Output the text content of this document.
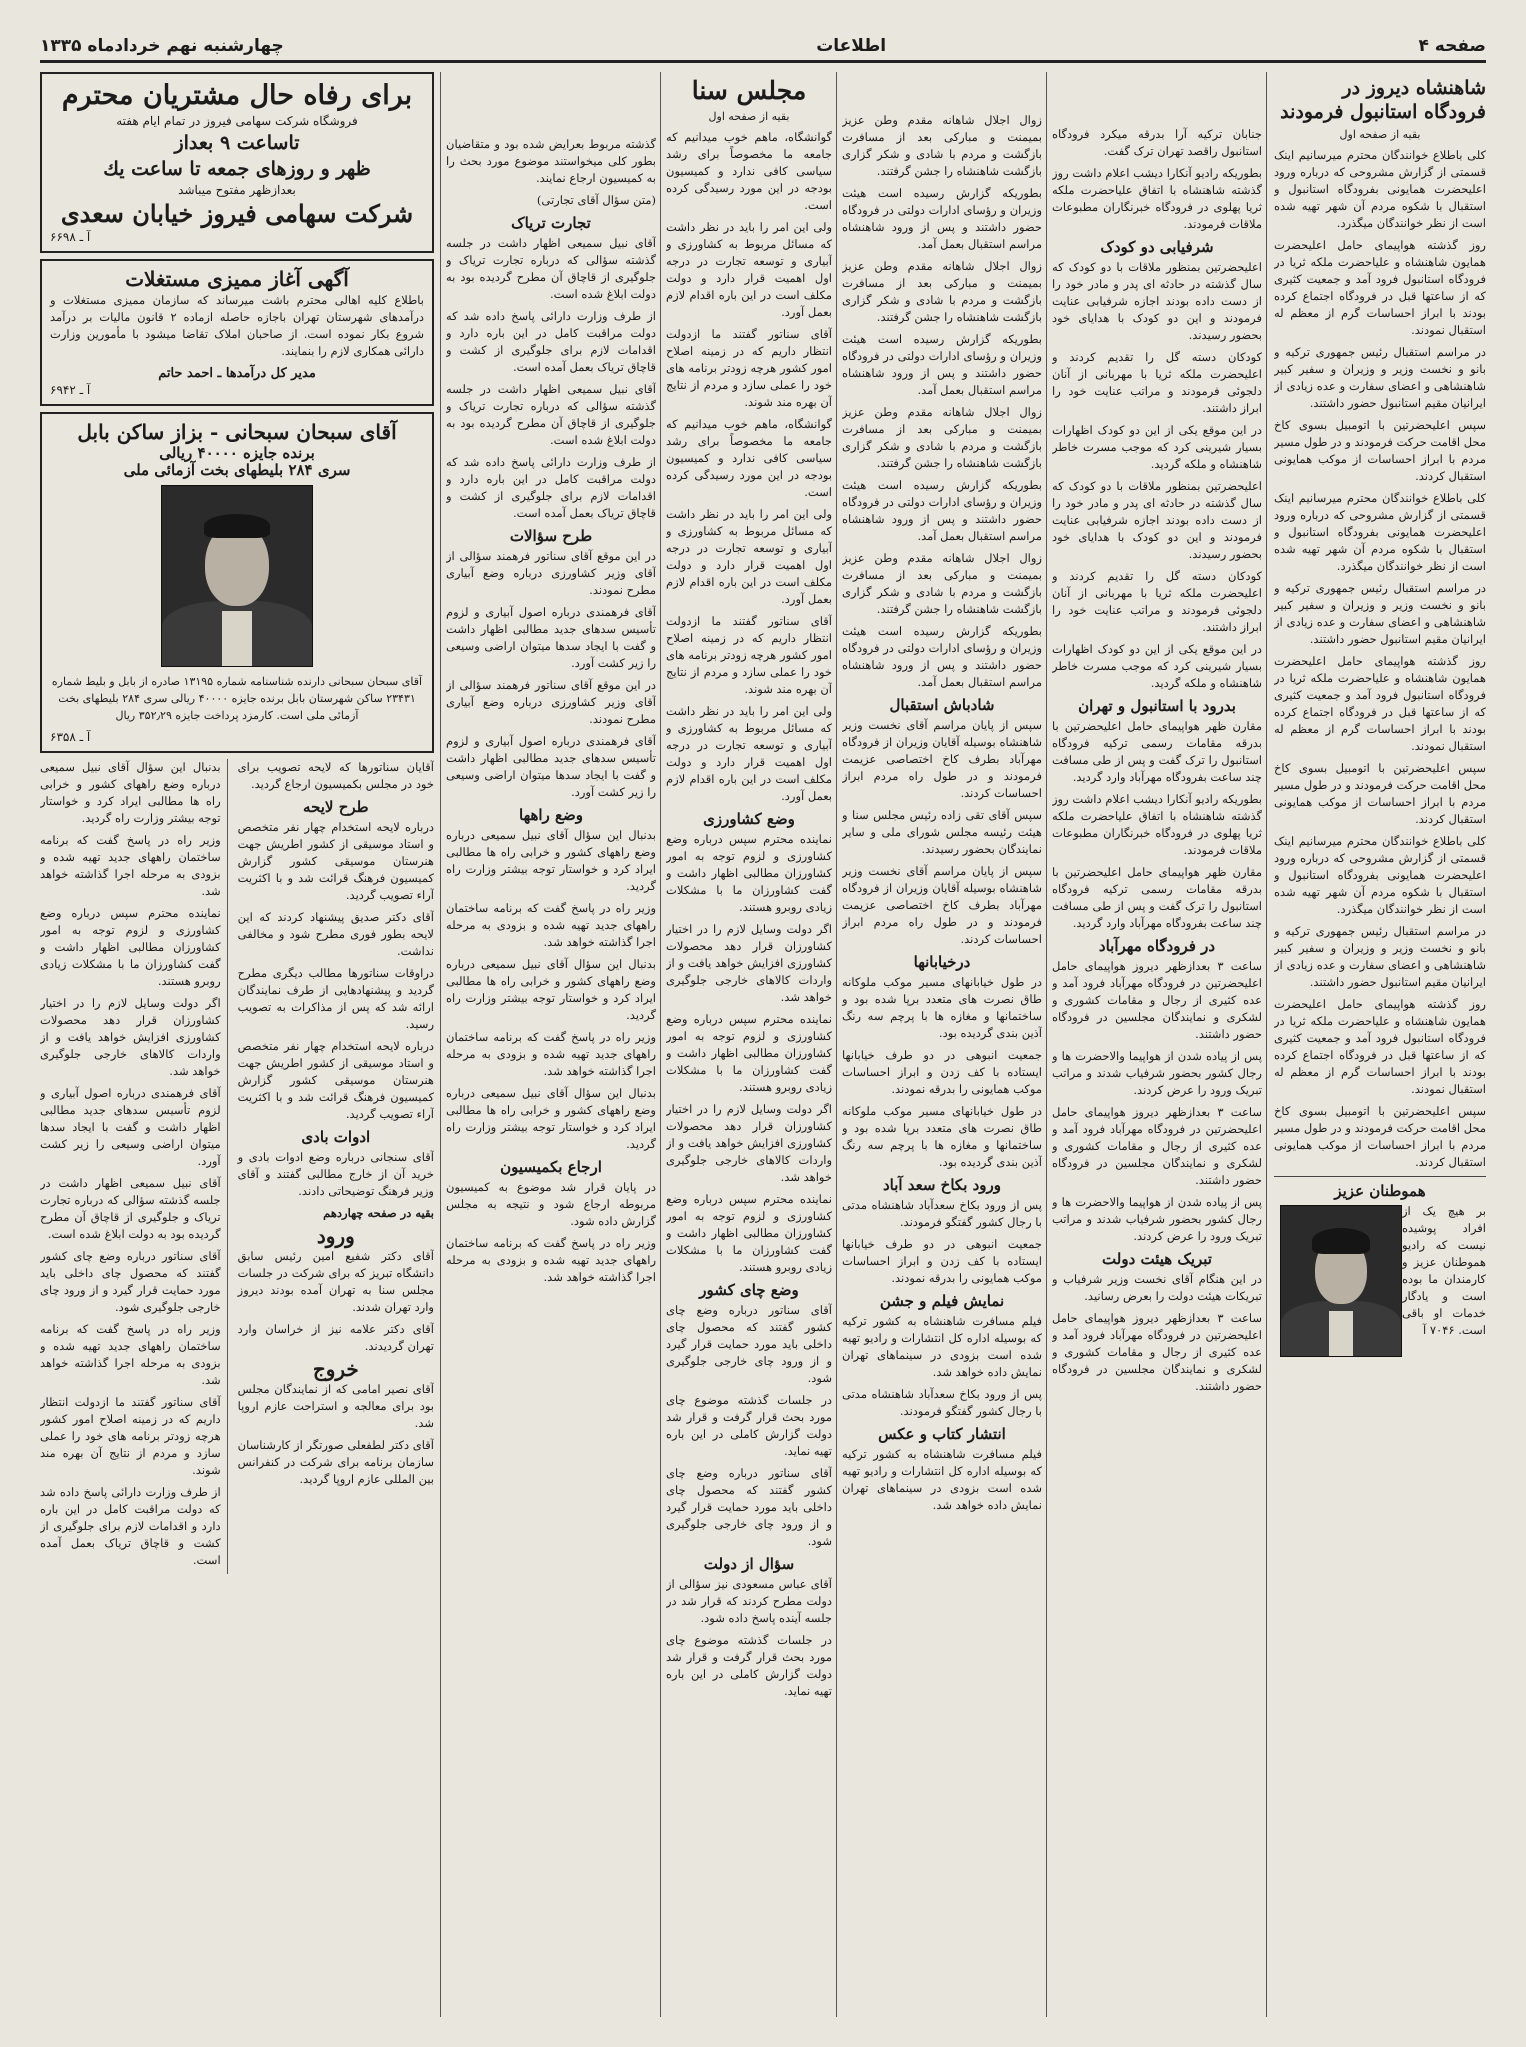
صفحه ۴
اطلاعات
چهارشنبه نهم خردادماه ۱۳۳۵
شاهنشاه دیروز در فرودگاه استانبول فرمودند
بقیه از صفحه اول

کلی باطلاع خوانندگان محترم میرسانیم اینک قسمتی از گزارش مشروحی که درباره ورود اعلیحضرت همایونی بفرودگاه استانبول و استقبال با شکوه مردم آن شهر تهیه شده است از نظر خوانندگان میگذرد.

روز گذشته هواپیمای حامل اعلیحضرت همایون شاهنشاه و علیاحضرت ملکه ثریا در فرودگاه استانبول فرود آمد و جمعیت کثیری که از ساعتها قبل در فرودگاه اجتماع کرده بودند با ابراز احساسات گرم از معظم له استقبال نمودند.

در مراسم استقبال رئیس جمهوری ترکیه و بانو و نخست وزیر و وزیران و سفیر کبیر شاهنشاهی و اعضای سفارت و عده زیادی از ایرانیان مقیم استانبول حضور داشتند.

سپس اعلیحضرتین با اتومبیل بسوی کاخ محل اقامت حرکت فرمودند و در طول مسیر مردم با ابراز احساسات از موکب همایونی استقبال کردند.

کلی باطلاع خوانندگان محترم میرسانیم اینک قسمتی از گزارش مشروحی که درباره ورود اعلیحضرت همایونی بفرودگاه استانبول و استقبال با شکوه مردم آن شهر تهیه شده است از نظر خوانندگان میگذرد.

در مراسم استقبال رئیس جمهوری ترکیه و بانو و نخست وزیر و وزیران و سفیر کبیر شاهنشاهی و اعضای سفارت و عده زیادی از ایرانیان مقیم استانبول حضور داشتند.

روز گذشته هواپیمای حامل اعلیحضرت همایون شاهنشاه و علیاحضرت ملکه ثریا در فرودگاه استانبول فرود آمد و جمعیت کثیری که از ساعتها قبل در فرودگاه اجتماع کرده بودند با ابراز احساسات گرم از معظم له استقبال نمودند.

سپس اعلیحضرتین با اتومبیل بسوی کاخ محل اقامت حرکت فرمودند و در طول مسیر مردم با ابراز احساسات از موکب همایونی استقبال کردند.

کلی باطلاع خوانندگان محترم میرسانیم اینک قسمتی از گزارش مشروحی که درباره ورود اعلیحضرت همایونی بفرودگاه استانبول و استقبال با شکوه مردم آن شهر تهیه شده است از نظر خوانندگان میگذرد.

در مراسم استقبال رئیس جمهوری ترکیه و بانو و نخست وزیر و وزیران و سفیر کبیر شاهنشاهی و اعضای سفارت و عده زیادی از ایرانیان مقیم استانبول حضور داشتند.

روز گذشته هواپیمای حامل اعلیحضرت همایون شاهنشاه و علیاحضرت ملکه ثریا در فرودگاه استانبول فرود آمد و جمعیت کثیری که از ساعتها قبل در فرودگاه اجتماع کرده بودند با ابراز احساسات گرم از معظم له استقبال نمودند.

سپس اعلیحضرتین با اتومبیل بسوی کاخ محل اقامت حرکت فرمودند و در طول مسیر مردم با ابراز احساسات از موکب همایونی استقبال کردند.

هموطنان عزیز

بر هیچ یک از افراد پوشیده نیست که رادیو هموطنان عزیز و کارمندان ما بوده است و یادگار خدمات او باقی است. ۷۰۴۶ آ

جنابان ترکیه آرا بدرقه میکرد فرودگاه استانبول راقصد تهران ترک گفت.

بطوریکه رادیو آنکارا دیشب اعلام داشت روز گذشته شاهنشاه با اتفاق علیاحضرت ملکه ثریا پهلوی در فرودگاه خبرنگاران مطبوعات ملاقات فرمودند.

شرفیابی دو کودک

اعلیحضرتین بمنظور ملاقات با دو کودک که سال گذشته در حادثه ای پدر و مادر خود را از دست داده بودند اجازه شرفیابی عنایت فرمودند و این دو کودک با هدایای خود بحضور رسیدند.

کودکان دسته گل را تقدیم کردند و اعلیحضرت ملکه ثریا با مهربانی از آنان دلجوئی فرمودند و مراتب عنایت خود را ابراز داشتند.

در این موقع یکی از این دو کودک اظهارات بسیار شیرینی کرد که موجب مسرت خاطر شاهنشاه و ملکه گردید.

اعلیحضرتین بمنظور ملاقات با دو کودک که سال گذشته در حادثه ای پدر و مادر خود را از دست داده بودند اجازه شرفیابی عنایت فرمودند و این دو کودک با هدایای خود بحضور رسیدند.

کودکان دسته گل را تقدیم کردند و اعلیحضرت ملکه ثریا با مهربانی از آنان دلجوئی فرمودند و مراتب عنایت خود را ابراز داشتند.

در این موقع یکی از این دو کودک اظهارات بسیار شیرینی کرد که موجب مسرت خاطر شاهنشاه و ملکه گردید.

بدرود با استانبول و تهران

مقارن ظهر هواپیمای حامل اعلیحضرتین با بدرقه مقامات رسمی ترکیه فرودگاه استانبول را ترک گفت و پس از طی مسافت چند ساعت بفرودگاه مهرآباد وارد گردید.

بطوریکه رادیو آنکارا دیشب اعلام داشت روز گذشته شاهنشاه با اتفاق علیاحضرت ملکه ثریا پهلوی در فرودگاه خبرنگاران مطبوعات ملاقات فرمودند.

مقارن ظهر هواپیمای حامل اعلیحضرتین با بدرقه مقامات رسمی ترکیه فرودگاه استانبول را ترک گفت و پس از طی مسافت چند ساعت بفرودگاه مهرآباد وارد گردید.

در فرودگاه مهرآباد

ساعت ۳ بعدازظهر دیروز هواپیمای حامل اعلیحضرتین در فرودگاه مهرآباد فرود آمد و عده کثیری از رجال و مقامات کشوری و لشکری و نمایندگان مجلسین در فرودگاه حضور داشتند.

پس از پیاده شدن از هواپیما والاحضرت ها و رجال کشور بحضور شرفیاب شدند و مراتب تبریک ورود را عرض کردند.

ساعت ۳ بعدازظهر دیروز هواپیمای حامل اعلیحضرتین در فرودگاه مهرآباد فرود آمد و عده کثیری از رجال و مقامات کشوری و لشکری و نمایندگان مجلسین در فرودگاه حضور داشتند.

پس از پیاده شدن از هواپیما والاحضرت ها و رجال کشور بحضور شرفیاب شدند و مراتب تبریک ورود را عرض کردند.

تبریک هیئت دولت

در این هنگام آقای نخست وزیر شرفیاب و تبریکات هیئت دولت را بعرض رسانید.

ساعت ۳ بعدازظهر دیروز هواپیمای حامل اعلیحضرتین در فرودگاه مهرآباد فرود آمد و عده کثیری از رجال و مقامات کشوری و لشکری و نمایندگان مجلسین در فرودگاه حضور داشتند.

زوال اجلال شاهانه مقدم وطن عزیز بمیمنت و مبارکی بعد از مسافرت بازگشت و مردم با شادی و شکر گزاری بازگشت شاهنشاه را جشن گرفتند.

بطوریکه گزارش رسیده است هیئت وزیران و رؤسای ادارات دولتی در فرودگاه حضور داشتند و پس از ورود شاهنشاه مراسم استقبال بعمل آمد.

زوال اجلال شاهانه مقدم وطن عزیز بمیمنت و مبارکی بعد از مسافرت بازگشت و مردم با شادی و شکر گزاری بازگشت شاهنشاه را جشن گرفتند.

بطوریکه گزارش رسیده است هیئت وزیران و رؤسای ادارات دولتی در فرودگاه حضور داشتند و پس از ورود شاهنشاه مراسم استقبال بعمل آمد.

زوال اجلال شاهانه مقدم وطن عزیز بمیمنت و مبارکی بعد از مسافرت بازگشت و مردم با شادی و شکر گزاری بازگشت شاهنشاه را جشن گرفتند.

بطوریکه گزارش رسیده است هیئت وزیران و رؤسای ادارات دولتی در فرودگاه حضور داشتند و پس از ورود شاهنشاه مراسم استقبال بعمل آمد.

زوال اجلال شاهانه مقدم وطن عزیز بمیمنت و مبارکی بعد از مسافرت بازگشت و مردم با شادی و شکر گزاری بازگشت شاهنشاه را جشن گرفتند.

بطوریکه گزارش رسیده است هیئت وزیران و رؤسای ادارات دولتی در فرودگاه حضور داشتند و پس از ورود شاهنشاه مراسم استقبال بعمل آمد.

شادباش استقبال

سپس از پایان مراسم آقای نخست وزیر شاهنشاه بوسیله آقایان وزیران از فرودگاه مهرآباد بطرف کاخ اختصاصی عزیمت فرمودند و در طول راه مردم ابراز احساسات کردند.

سپس آقای تقی زاده رئیس مجلس سنا و هیئت رئیسه مجلس شورای ملی و سایر نمایندگان بحضور رسیدند.

سپس از پایان مراسم آقای نخست وزیر شاهنشاه بوسیله آقایان وزیران از فرودگاه مهرآباد بطرف کاخ اختصاصی عزیمت فرمودند و در طول راه مردم ابراز احساسات کردند.

درخیابانها

در طول خیابانهای مسیر موکب ملوکانه طاق نصرت های متعدد برپا شده بود و ساختمانها و مغازه ها با پرچم سه رنگ آذین بندی گردیده بود.

جمعیت انبوهی در دو طرف خیابانها ایستاده با کف زدن و ابراز احساسات موکب همایونی را بدرقه نمودند.

در طول خیابانهای مسیر موکب ملوکانه طاق نصرت های متعدد برپا شده بود و ساختمانها و مغازه ها با پرچم سه رنگ آذین بندی گردیده بود.

ورود بکاخ سعد آباد

پس از ورود بکاخ سعدآباد شاهنشاه مدتی با رجال کشور گفتگو فرمودند.

جمعیت انبوهی در دو طرف خیابانها ایستاده با کف زدن و ابراز احساسات موکب همایونی را بدرقه نمودند.

نمایش فیلم و جشن

فیلم مسافرت شاهنشاه به کشور ترکیه که بوسیله اداره کل انتشارات و رادیو تهیه شده است بزودی در سینماهای تهران نمایش داده خواهد شد.

پس از ورود بکاخ سعدآباد شاهنشاه مدتی با رجال کشور گفتگو فرمودند.

انتشار کتاب و عکس

فیلم مسافرت شاهنشاه به کشور ترکیه که بوسیله اداره کل انتشارات و رادیو تهیه شده است بزودی در سینماهای تهران نمایش داده خواهد شد.

مجلس سنا
بقیه از صفحه اول

گوانشگاه، ماهم خوب میدانیم که جامعه ما مخصوصاً برای رشد سیاسی کافی ندارد و کمیسیون بودجه در این مورد رسیدگی کرده است.

ولی این امر را باید در نظر داشت که مسائل مربوط به کشاورزی و آبیاری و توسعه تجارت در درجه اول اهمیت قرار دارد و دولت مکلف است در این باره اقدام لازم بعمل آورد.

آقای سناتور گفتند ما ازدولت انتظار داریم که در زمینه اصلاح امور کشور هرچه زودتر برنامه های خود را عملی سازد و مردم از نتایج آن بهره مند شوند.

گوانشگاه، ماهم خوب میدانیم که جامعه ما مخصوصاً برای رشد سیاسی کافی ندارد و کمیسیون بودجه در این مورد رسیدگی کرده است.

ولی این امر را باید در نظر داشت که مسائل مربوط به کشاورزی و آبیاری و توسعه تجارت در درجه اول اهمیت قرار دارد و دولت مکلف است در این باره اقدام لازم بعمل آورد.

آقای سناتور گفتند ما ازدولت انتظار داریم که در زمینه اصلاح امور کشور هرچه زودتر برنامه های خود را عملی سازد و مردم از نتایج آن بهره مند شوند.

ولی این امر را باید در نظر داشت که مسائل مربوط به کشاورزی و آبیاری و توسعه تجارت در درجه اول اهمیت قرار دارد و دولت مکلف است در این باره اقدام لازم بعمل آورد.

وضع کشاورزی

نماینده محترم سپس درباره وضع کشاورزی و لزوم توجه به امور کشاورزان مطالبی اظهار داشت و گفت کشاورزان ما با مشکلات زیادی روبرو هستند.

اگر دولت وسایل لازم را در اختیار کشاورزان قرار دهد محصولات کشاورزی افزایش خواهد یافت و از واردات کالاهای خارجی جلوگیری خواهد شد.

نماینده محترم سپس درباره وضع کشاورزی و لزوم توجه به امور کشاورزان مطالبی اظهار داشت و گفت کشاورزان ما با مشکلات زیادی روبرو هستند.

اگر دولت وسایل لازم را در اختیار کشاورزان قرار دهد محصولات کشاورزی افزایش خواهد یافت و از واردات کالاهای خارجی جلوگیری خواهد شد.

نماینده محترم سپس درباره وضع کشاورزی و لزوم توجه به امور کشاورزان مطالبی اظهار داشت و گفت کشاورزان ما با مشکلات زیادی روبرو هستند.

وضع چای کشور

آقای سناتور درباره وضع چای کشور گفتند که محصول چای داخلی باید مورد حمایت قرار گیرد و از ورود چای خارجی جلوگیری شود.

در جلسات گذشته موضوع چای مورد بحث قرار گرفت و قرار شد دولت گزارش کاملی در این باره تهیه نماید.

آقای سناتور درباره وضع چای کشور گفتند که محصول چای داخلی باید مورد حمایت قرار گیرد و از ورود چای خارجی جلوگیری شود.

سؤال از دولت

آقای عباس مسعودی نیز سؤالی از دولت مطرح کردند که قرار شد در جلسه آینده پاسخ داده شود.

در جلسات گذشته موضوع چای مورد بحث قرار گرفت و قرار شد دولت گزارش کاملی در این باره تهیه نماید.

گذشته مربوط بعرایض شده بود و متقاضیان بطور کلی میخواستند موضوع مورد بحث را به کمیسیون ارجاع نمایند.

(متن سؤال آقای تجارتی)

تجارت تریاک

آقای نبیل سمیعی اظهار داشت در جلسه گذشته سؤالی که درباره تجارت تریاک و جلوگیری از قاچاق آن مطرح گردیده بود به دولت ابلاغ شده است.

از طرف وزارت دارائی پاسخ داده شد که دولت مراقبت کامل در این باره دارد و اقدامات لازم برای جلوگیری از کشت و قاچاق تریاک بعمل آمده است.

آقای نبیل سمیعی اظهار داشت در جلسه گذشته سؤالی که درباره تجارت تریاک و جلوگیری از قاچاق آن مطرح گردیده بود به دولت ابلاغ شده است.

از طرف وزارت دارائی پاسخ داده شد که دولت مراقبت کامل در این باره دارد و اقدامات لازم برای جلوگیری از کشت و قاچاق تریاک بعمل آمده است.

طرح سؤالات

در این موقع آقای سناتور فرهمند سؤالی از آقای وزیر کشاورزی درباره وضع آبیاری مطرح نمودند.

آقای فرهمندی درباره اصول آبیاری و لزوم تأسیس سدهای جدید مطالبی اظهار داشت و گفت با ایجاد سدها میتوان اراضی وسیعی را زیر کشت آورد.

در این موقع آقای سناتور فرهمند سؤالی از آقای وزیر کشاورزی درباره وضع آبیاری مطرح نمودند.

آقای فرهمندی درباره اصول آبیاری و لزوم تأسیس سدهای جدید مطالبی اظهار داشت و گفت با ایجاد سدها میتوان اراضی وسیعی را زیر کشت آورد.

وضع راهها

بدنبال این سؤال آقای نبیل سمیعی درباره وضع راههای کشور و خرابی راه ها مطالبی ایراد کرد و خواستار توجه بیشتر وزارت راه گردید.

وزیر راه در پاسخ گفت که برنامه ساختمان راههای جدید تهیه شده و بزودی به مرحله اجرا گذاشته خواهد شد.

بدنبال این سؤال آقای نبیل سمیعی درباره وضع راههای کشور و خرابی راه ها مطالبی ایراد کرد و خواستار توجه بیشتر وزارت راه گردید.

وزیر راه در پاسخ گفت که برنامه ساختمان راههای جدید تهیه شده و بزودی به مرحله اجرا گذاشته خواهد شد.

بدنبال این سؤال آقای نبیل سمیعی درباره وضع راههای کشور و خرابی راه ها مطالبی ایراد کرد و خواستار توجه بیشتر وزارت راه گردید.

ارجاع بکمیسیون

در پایان قرار شد موضوع به کمیسیون مربوطه ارجاع شود و نتیجه به مجلس گزارش داده شود.

وزیر راه در پاسخ گفت که برنامه ساختمان راههای جدید تهیه شده و بزودی به مرحله اجرا گذاشته خواهد شد.

برای رفاه حال مشتریان محترم
فروشگاه شرکت سهامی فیروز در تمام ایام هفته
تاساعت ۹ بعداز
ظهر و روزهای جمعه تا ساعت یك
بعدازظهر مفتوح میباشد
شرکت سهامی فیروز خیابان سعدی
آ ـ ۶۶۹۸
آگهی آغاز ممیزی مستغلات

باطلاع کلیه اهالی محترم باشت میرساند که سازمان ممیزی مستغلات و درآمدهای شهرستان تهران باجازه حاصله ازماده ۲ قانون مالیات بر درآمد شروع بکار نموده است. از صاحبان املاک تقاضا میشود با مأمورین وزارت دارائی همکاری لازم را بنمایند.

مدیر کل درآمدها ـ احمد حاتم
آ ـ ۶۹۴۲
آقای سبحان سبحانی - بزاز ساکن بابل
برنده جایزه ۴۰۰۰۰ ریالی
سری ۲۸۴ بلیطهای بخت آزمائی ملی

آقای سبحان سبحانی دارنده شناسنامه شماره ۱۳۱۹۵ صادره از بابل و بلیط شماره ۲۳۴۳۱ ساکن شهرستان بابل برنده جایزه ۴۰۰۰۰ ریالی سری ۲۸۴ بلیطهای بخت آزمائی ملی است. کارمزد پرداخت جایزه ۳۵۲٫۲۹ ریال

آ ـ ۶۳۵۸

آقایان سناتورها که لایحه تصویب برای خود در مجلس بکمیسیون ارجاع گردید.

طرح لایحه

درباره لایحه استخدام چهار نفر متخصص و استاد موسیقی از کشور اطریش جهت هنرستان موسیقی کشور گزارش کمیسیون فرهنگ قرائت شد و با اکثریت آراء تصویب گردید.

آقای دکتر صدیق پیشنهاد کردند که این لایحه بطور فوری مطرح شود و مخالفی نداشت.

دراوقات سناتورها مطالب دیگری مطرح گردید و پیشنهادهایی از طرف نمایندگان ارائه شد که پس از مذاکرات به تصویب رسید.

درباره لایحه استخدام چهار نفر متخصص و استاد موسیقی از کشور اطریش جهت هنرستان موسیقی کشور گزارش کمیسیون فرهنگ قرائت شد و با اکثریت آراء تصویب گردید.

ادوات بادی

آقای سنجانی درباره وضع ادوات بادی و خرید آن از خارج مطالبی گفتند و آقای وزیر فرهنگ توضیحاتی دادند.

بقیه در صفحه چهاردهم

ورود

آقای دکتر شفیع امین رئیس سابق دانشگاه تبریز که برای شرکت در جلسات مجلس سنا به تهران آمده بودند دیروز وارد تهران شدند.

آقای دکتر علامه نیز از خراسان وارد تهران گردیدند.

خروج

آقای نصیر امامی که از نمایندگان مجلس بود برای معالجه و استراحت عازم اروپا شد.

آقای دکتر لطفعلی صورتگر از کارشناسان سازمان برنامه برای شرکت در کنفرانس بین المللی عازم اروپا گردید.

بدنبال این سؤال آقای نبیل سمیعی درباره وضع راههای کشور و خرابی راه ها مطالبی ایراد کرد و خواستار توجه بیشتر وزارت راه گردید.

وزیر راه در پاسخ گفت که برنامه ساختمان راههای جدید تهیه شده و بزودی به مرحله اجرا گذاشته خواهد شد.

نماینده محترم سپس درباره وضع کشاورزی و لزوم توجه به امور کشاورزان مطالبی اظهار داشت و گفت کشاورزان ما با مشکلات زیادی روبرو هستند.

اگر دولت وسایل لازم را در اختیار کشاورزان قرار دهد محصولات کشاورزی افزایش خواهد یافت و از واردات کالاهای خارجی جلوگیری خواهد شد.

آقای فرهمندی درباره اصول آبیاری و لزوم تأسیس سدهای جدید مطالبی اظهار داشت و گفت با ایجاد سدها میتوان اراضی وسیعی را زیر کشت آورد.

آقای نبیل سمیعی اظهار داشت در جلسه گذشته سؤالی که درباره تجارت تریاک و جلوگیری از قاچاق آن مطرح گردیده بود به دولت ابلاغ شده است.

آقای سناتور درباره وضع چای کشور گفتند که محصول چای داخلی باید مورد حمایت قرار گیرد و از ورود چای خارجی جلوگیری شود.

وزیر راه در پاسخ گفت که برنامه ساختمان راههای جدید تهیه شده و بزودی به مرحله اجرا گذاشته خواهد شد.

آقای سناتور گفتند ما ازدولت انتظار داریم که در زمینه اصلاح امور کشور هرچه زودتر برنامه های خود را عملی سازد و مردم از نتایج آن بهره مند شوند.

از طرف وزارت دارائی پاسخ داده شد که دولت مراقبت کامل در این باره دارد و اقدامات لازم برای جلوگیری از کشت و قاچاق تریاک بعمل آمده است.
